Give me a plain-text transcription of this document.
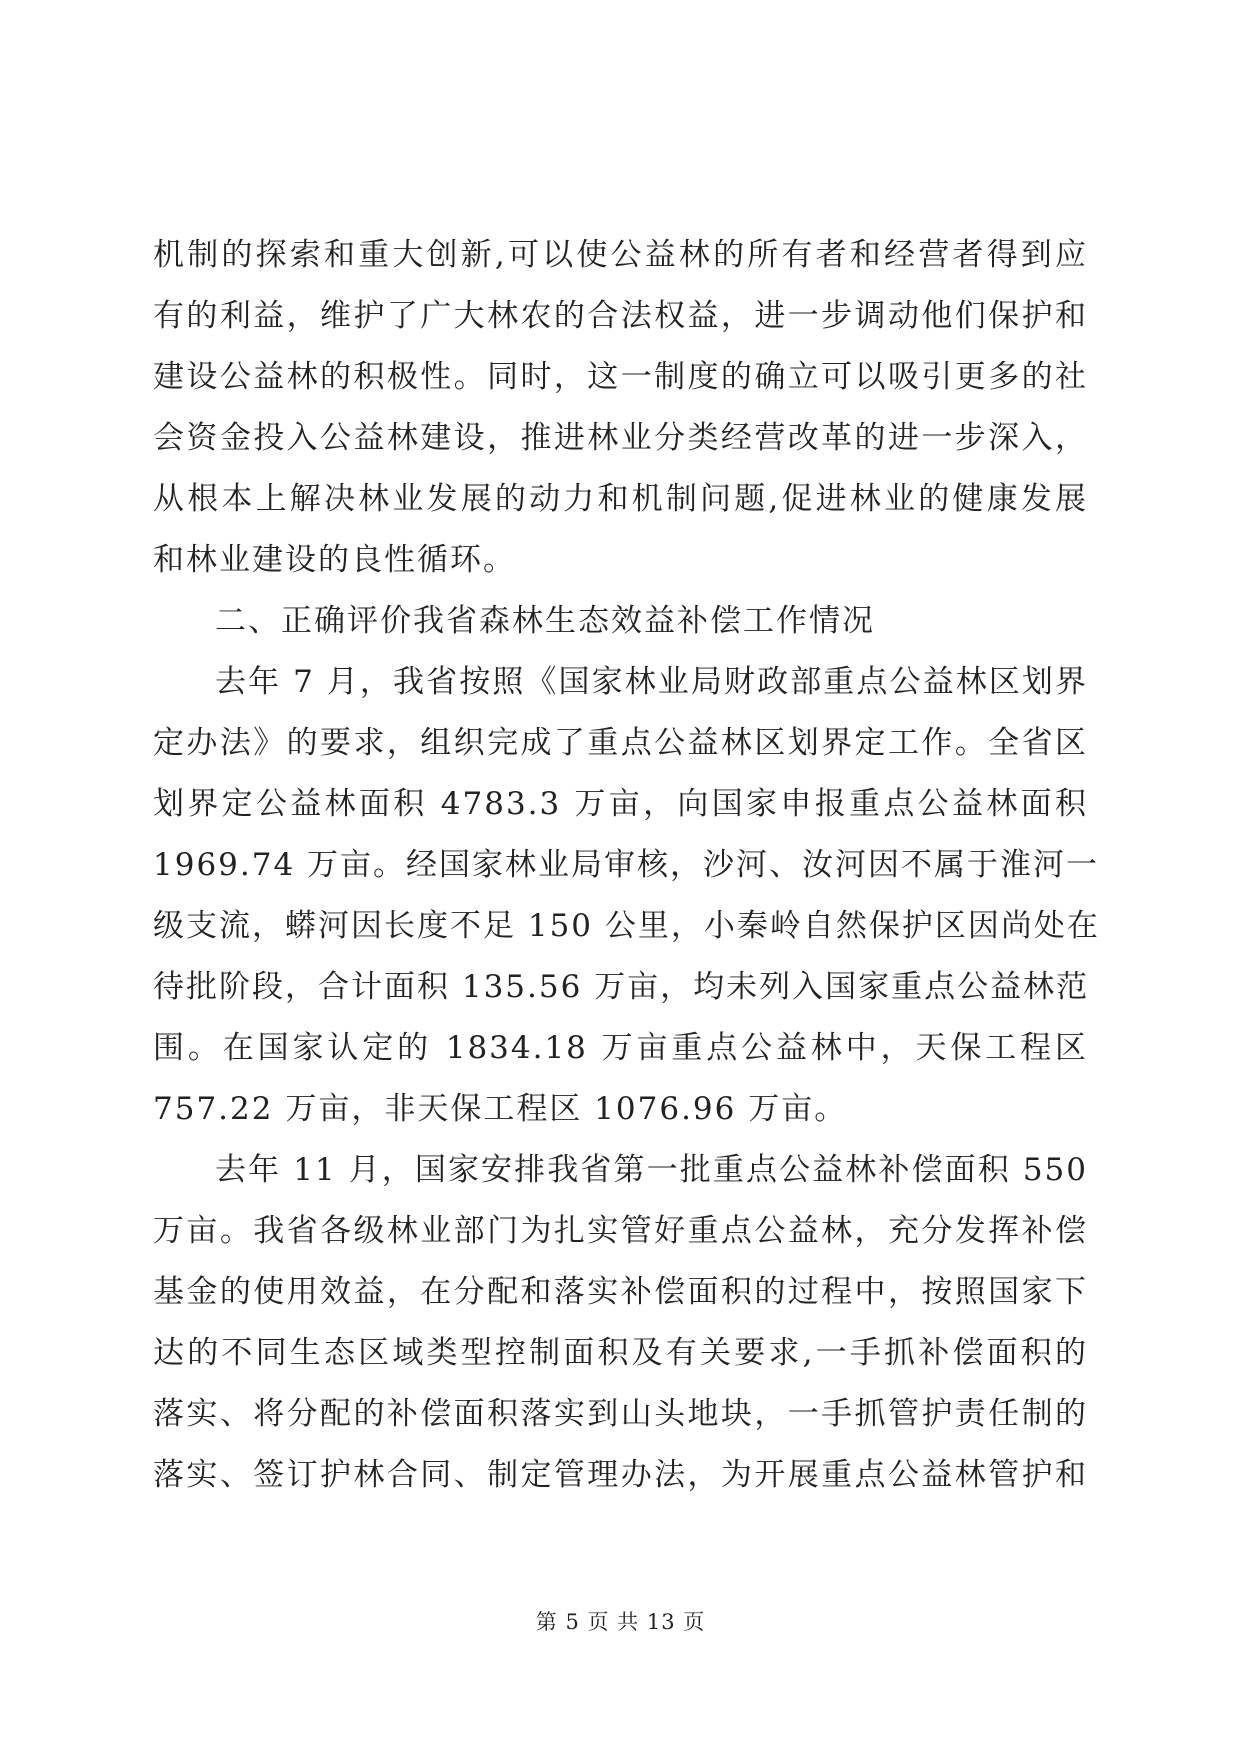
机制的探索和重大创新,可以使公益林的所有者和经营者得到应
有的利益，维护了广大林农的合法权益，进一步调动他们保护和
建设公益林的积极性。同时，这一制度的确立可以吸引更多的社
会资金投入公益林建设，推进林业分类经营改革的进一步深入，
从根本上解决林业发展的动力和机制问题,促进林业的健康发展
和林业建设的良性循环。
二、正确评价我省森林生态效益补偿工作情况
去年 7 月，我省按照《国家林业局财政部重点公益林区划界
定办法》的要求，组织完成了重点公益林区划界定工作。全省区
划界定公益林面积 4783.3 万亩，向国家申报重点公益林面积
1969.74 万亩。经国家林业局审核，沙河、汝河因不属于淮河一
级支流，蟒河因长度不足 150 公里，小秦岭自然保护区因尚处在
待批阶段，合计面积 135.56 万亩，均未列入国家重点公益林范
围。在国家认定的 1834.18 万亩重点公益林中，天保工程区
757.22 万亩，非天保工程区 1076.96 万亩。
去年 11 月，国家安排我省第一批重点公益林补偿面积 550
万亩。我省各级林业部门为扎实管好重点公益林，充分发挥补偿
基金的使用效益，在分配和落实补偿面积的过程中，按照国家下
达的不同生态区域类型控制面积及有关要求,一手抓补偿面积的
落实、将分配的补偿面积落实到山头地块，一手抓管护责任制的
落实、签订护林合同、制定管理办法，为开展重点公益林管护和
第 5 页 共 13 页
